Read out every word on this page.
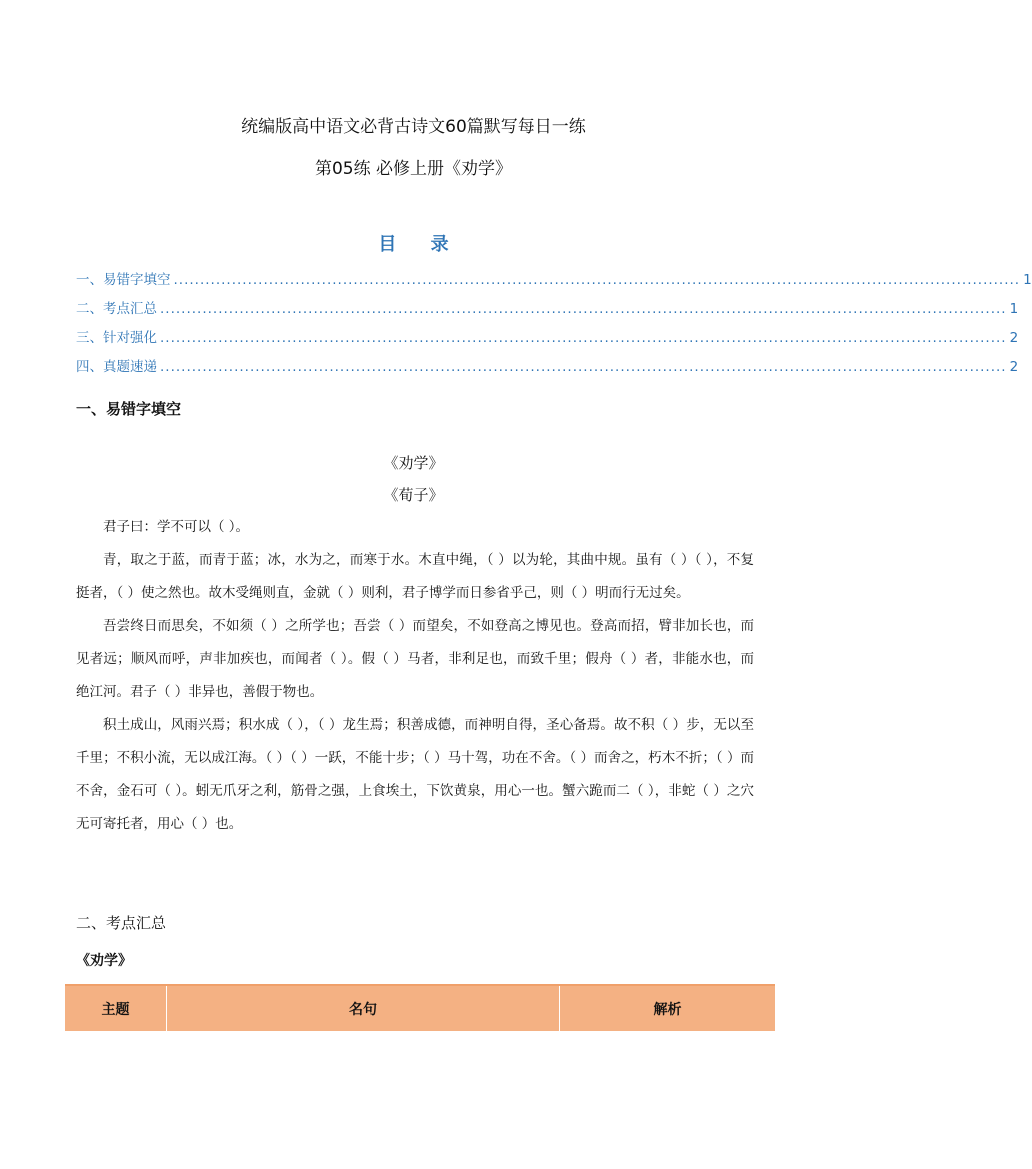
统编版高中语文必背古诗文60篇默写每日一练
第05练 必修上册《劝学》
目 录
一、易错字填空 ................................................................................................................................................................ 1
二、考点汇总 ................................................................................................................................................................ 1
三、针对强化 ................................................................................................................................................................ 2
四、真题速递 ................................................................................................................................................................ 2
一、易错字填空
《劝学》
《荀子》

君子曰：学不可以（ ）。

青，取之于蓝，而青于蓝；冰，水为之，而寒于水。木直中绳，（ ）以为轮，其曲中规。虽有（ ）（ ），不复挺者，（ ）使之然也。故木受绳则直，金就（ ）则利，君子博学而日参省乎己，则（ ）明而行无过矣。

吾尝终日而思矣，不如须（ ）之所学也；吾尝（ ）而望矣，不如登高之博见也。登高而招，臂非加长也，而见者远；顺风而呼，声非加疾也，而闻者（ ）。假（ ）马者，非利足也，而致千里；假舟（ ）者，非能水也，而绝江河。君子（ ）非异也，善假于物也。

积土成山，风雨兴焉；积水成（ ），（ ）龙生焉；积善成德，而神明自得，圣心备焉。故不积（ ）步，无以至千里；不积小流，无以成江海。（ ）（ ）一跃，不能十步；（ ）马十驾，功在不舍。（ ）而舍之，朽木不折；（ ）而不舍，金石可（ ）。蚓无爪牙之利，筋骨之强，上食埃土，下饮黄泉，用心一也。蟹六跪而二（ ），非蛇（ ）之穴无可寄托者，用心（ ）也。

二、考点汇总
《劝学》
主题	名句	解析
